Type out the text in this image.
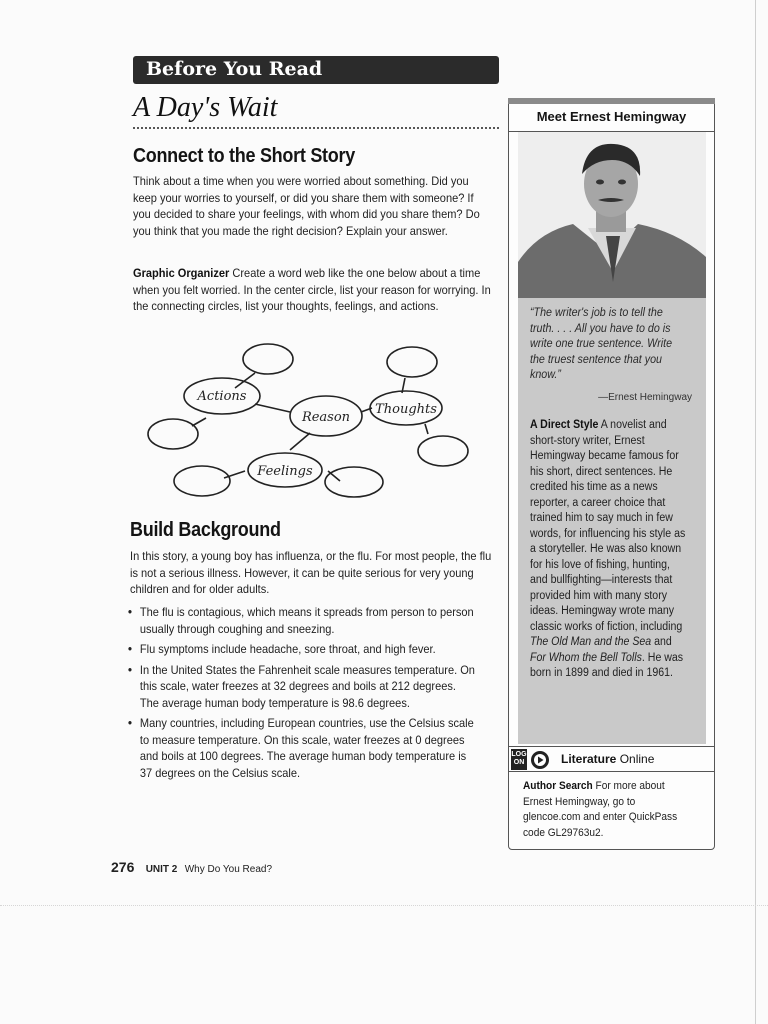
Before You Read
A Day's Wait
Connect to the Short Story
Think about a time when you were worried about something. Did you keep your worries to yourself, or did you share them with someone? If you decided to share your feelings, with whom did you share them? Do you think that you made the right decision? Explain your answer.
Graphic Organizer Create a word web like the one below about a time when you felt worried. In the center circle, list your reason for worrying. In the connecting circles, list your thoughts, feelings, and actions.
Actions
Reason
Thoughts
Feelings
Build Background
In this story, a young boy has influenza, or the flu. For most people, the flu is not a serious illness. However, it can be quite serious for very young children and for older adults.
• The flu is contagious, which means it spreads from person to person usually through coughing and sneezing.
• Flu symptoms include headache, sore throat, and high fever.
• In the United States the Fahrenheit scale measures temperature. On this scale, water freezes at 32 degrees and boils at 212 degrees. The average human body temperature is 98.6 degrees.
• Many countries, including European countries, use the Celsius scale to measure temperature. On this scale, water freezes at 0 degrees and boils at 100 degrees. The average human body temperature is 37 degrees on the Celsius scale.
276 UNIT 2 Why Do You Read?
Meet Ernest Hemingway
“The writer's job is to tell the truth. . . . All you have to do is write one true sentence. Write the truest sentence that you know.”
—Ernest Hemingway
A Direct Style A novelist and short-story writer, Ernest Hemingway became famous for his short, direct sentences. He credited his time as a news reporter, a career choice that trained him to say much in few words, for influencing his style as a storyteller. He was also known for his love of fishing, hunting, and bullfighting—interests that provided him with many story ideas. Hemingway wrote many classic works of fiction, including The Old Man and the Sea and For Whom the Bell Tolls. He was born in 1899 and died in 1961.
LOG ON	Literature Online
Author Search For more about Ernest Hemingway, go to glencoe.com and enter QuickPass code GL29763u2.
